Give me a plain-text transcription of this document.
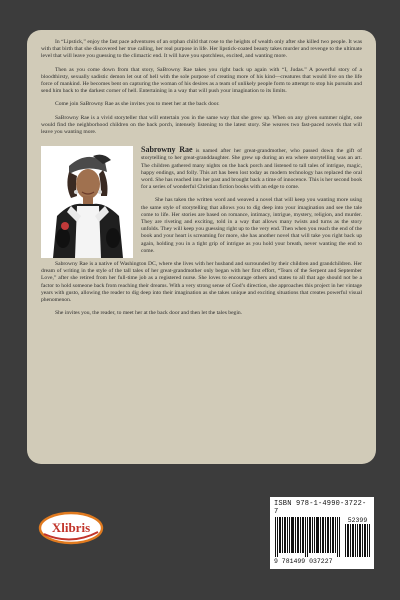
In “Lipstick,” enjoy the fast pace adventures of an orphan child that rose to the heights of wealth only after she killed two people. It was with that birth that she discovered her true calling, her real purpose in life. Her lipstick-coated beauty takes murder and revenge to the ultimate level that will leave you guessing to the climactic end. It will have you spotchless, excited, and wanting more.

Then as you come down from that story, SaBrowny Rae takes you right back up again with “I, Judas.” A powerful story of a bloodthirsty, sexually sadistic demon let out of hell with the sole purpose of creating more of his kind—creatures that would live on the life force of mankind. He becomes bent on capturing the woman of his desires as a team of unlikely people form to attempt to stop his pursuits and send him back to the darkest corner of hell. Entertaining in a way that will push your imagination to its limits.

Come join SaBrowny Rae as she invites you to meet her at the back door.

SaBrowny Rae is a vivid storyteller that will entertain you in the same way that she grew up. When on any given summer night, one would find the neighborhood children on the back porch, intensely listening to the latest story. She weaves two fast-paced novels that will leave you wanting more.

Sabrowny Rae is named after her great-grandmother, who passed down the gift of storytelling to her great-granddaughter. She grew up during an era where storytelling was an art. The children gathered many nights on the back porch and listened to tall tales of intrigue, magic, happy endings, and folly. This art has been lost today as modern technology has replaced the oral word. She has reached into her past and brought back a time of innocence. This is her second book for a series of wonderful Christian fiction books with an edge to come.

She has taken the written word and weaved a novel that will keep you wanting more using the same style of storytelling that allows you to dig deep into your imagination and see the tale come to life. Her stories are based on romance, intimacy, intrigue, mystery, religion, and murder. They are riveting and exciting, told in a way that allows many twists and turns as the story unfolds. They will keep you guessing right up to the very end. Then when you reach the end of the book and your heart is screaming for more, she has another novel that will take you right back up again, holding you in a tight grip of intrigue as you hold your breath, never wanting the end to come.

Sabrowny Rae is a native of Washington DC, where she lives with her husband and surrounded by their children and grandchildren. Her dream of writing in the style of the tall tales of her great-grandmother only began with her first effort, “Tears of the Serpent and September Love,” after she retired from her full-time job as a registered nurse. She loves to encourage others and states to all that age should not be a factor to hold someone back from reaching their dreams. With a very strong sense of God’s direction, she approaches this project in her vintage years with gusto, allowing the reader to dig deep into their imagination as she takes unique and exciting situations that creates powerful visual phenomenon.

She invites you, the reader, to meet her at the back door and then let the tales begin.

Xlibris
ISBN 978-1-4990-3722-7
52399
9 781499 037227
